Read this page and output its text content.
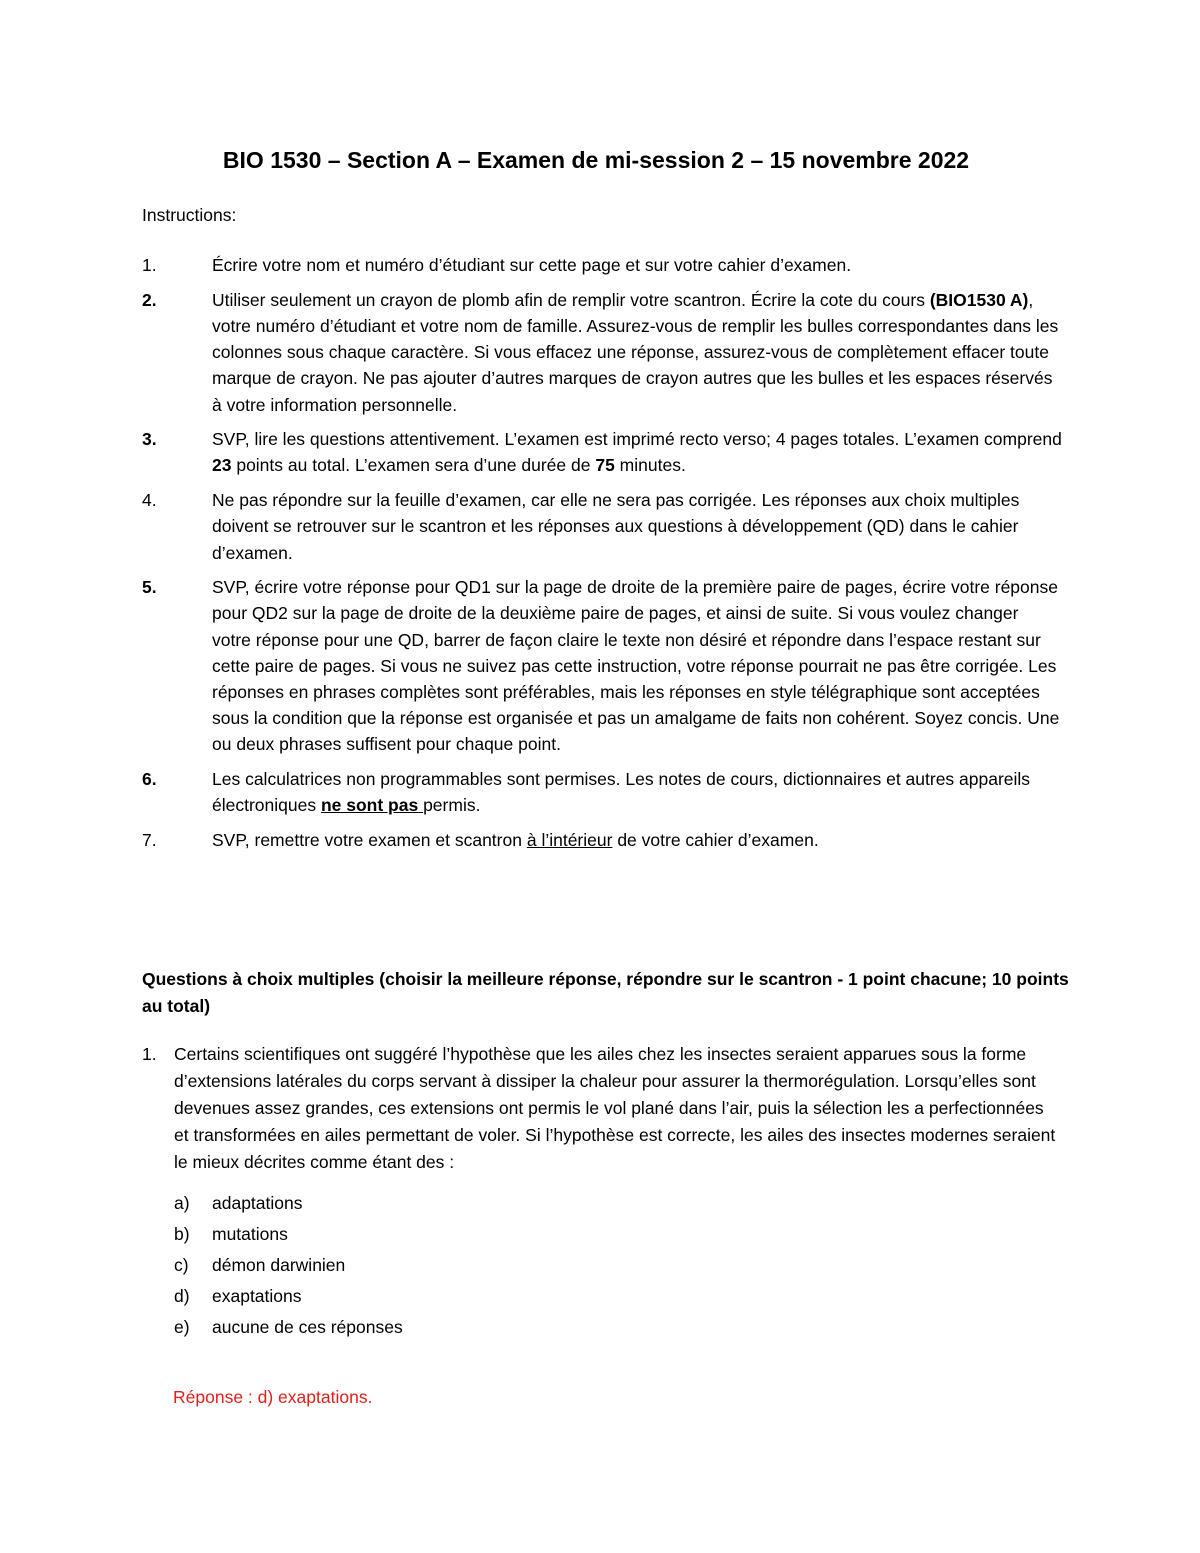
BIO 1530 – Section A – Examen de mi-session 2 – 15 novembre 2022
Instructions:
1.	Écrire votre nom et numéro d’étudiant sur cette page et sur votre cahier d’examen.
2.	Utiliser seulement un crayon de plomb afin de remplir votre scantron. Écrire la cote du cours (BIO1530 A), votre numéro d’étudiant et votre nom de famille. Assurez-vous de remplir les bulles correspondantes dans les colonnes sous chaque caractère. Si vous effacez une réponse, assurez-vous de complètement effacer toute marque de crayon. Ne pas ajouter d’autres marques de crayon autres que les bulles et les espaces réservés à votre information personnelle.
3.	SVP, lire les questions attentivement. L’examen est imprimé recto verso; 4 pages totales. L’examen comprend 23 points au total. L’examen sera d’une durée de 75 minutes.
4.	Ne pas répondre sur la feuille d’examen, car elle ne sera pas corrigée. Les réponses aux choix multiples doivent se retrouver sur le scantron et les réponses aux questions à développement (QD) dans le cahier d’examen.
5.	SVP, écrire votre réponse pour QD1 sur la page de droite de la première paire de pages, écrire votre réponse pour QD2 sur la page de droite de la deuxième paire de pages, et ainsi de suite. Si vous voulez changer votre réponse pour une QD, barrer de façon claire le texte non désiré et répondre dans l’espace restant sur cette paire de pages. Si vous ne suivez pas cette instruction, votre réponse pourrait ne pas être corrigée. Les réponses en phrases complètes sont préférables, mais les réponses en style télégraphique sont acceptées sous la condition que la réponse est organisée et pas un amalgame de faits non cohérent. Soyez concis. Une ou deux phrases suffisent pour chaque point.
6.	Les calculatrices non programmables sont permises. Les notes de cours, dictionnaires et autres appareils électroniques ne sont pas permis.
7.	SVP, remettre votre examen et scantron à l’intérieur de votre cahier d’examen.
Questions à choix multiples (choisir la meilleure réponse, répondre sur le scantron - 1 point chacune; 10 points au total)
1. Certains scientifiques ont suggéré l’hypothèse que les ailes chez les insectes seraient apparues sous la forme d’extensions latérales du corps servant à dissiper la chaleur pour assurer la thermorégulation. Lorsqu’elles sont devenues assez grandes, ces extensions ont permis le vol plané dans l’air, puis la sélection les a perfectionnées et transformées en ailes permettant de voler. Si l’hypothèse est correcte, les ailes des insectes modernes seraient le mieux décrites comme étant des :
a) adaptations
b) mutations
c) démon darwinien
d) exaptations
e) aucune de ces réponses
Réponse : d) exaptations.
